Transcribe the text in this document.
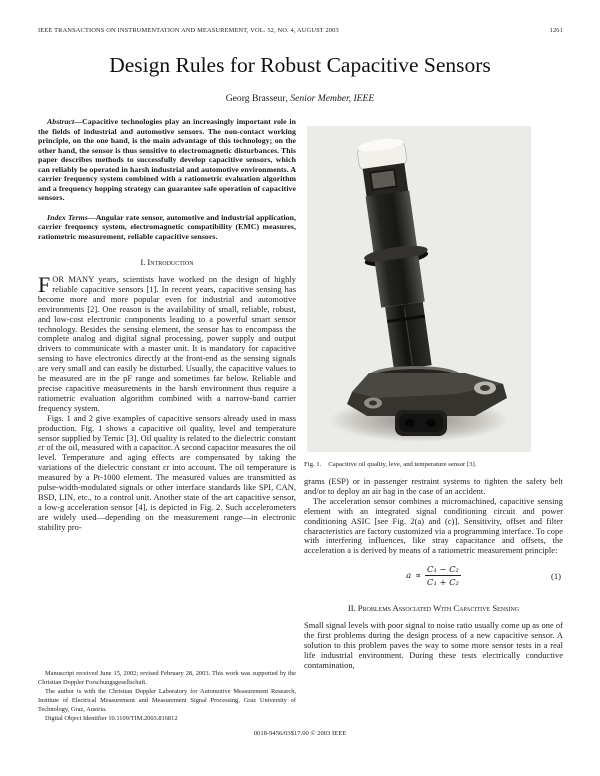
IEEE TRANSACTIONS ON INSTRUMENTATION AND MEASUREMENT, VOL. 52, NO. 4, AUGUST 2003	1261
Design Rules for Robust Capacitive Sensors
Georg Brasseur, Senior Member, IEEE

Abstract—Capacitive technologies play an increasingly important role in the fields of industrial and automotive sensors. The non-contact working principle, on the one hand, is the main advantage of this technology; on the other hand, the sensor is thus sensitive to electromagnetic disturbances. This paper describes methods to successfully develop capacitive sensors, which can reliably be operated in harsh industrial and automotive environments. A carrier frequency system combined with a ratiometric evaluation algorithm and a frequency hopping strategy can guarantee safe operation of capacitive sensors.

Index Terms—Angular rate sensor, automotive and industrial application, carrier frequency system, electromagnetic compatibility (EMC) measures, ratiometric measurement, reliable capacitive sensors.

I. Introduction

FOR MANY years, scientists have worked on the design of highly reliable capacitive sensors [1]. In recent years, capacitive sensing has become more and more popular even for industrial and automotive environments [2]. One reason is the availability of small, reliable, robust, and low-cost electronic components leading to a powerful smart sensor technology. Besides the sensing element, the sensor has to encompass the complete analog and digital signal processing, power supply and output drivers to communicate with a master unit. It is mandatory for capacitive sensing to have electronics directly at the front-end as the sensing signals are very small and can easily be disturbed. Usually, the capacitive values to be measured are in the pF range and sometimes far below. Reliable and precise capacitive measurements in the harsh environment thus require a ratiometric evaluation algorithm combined with a narrow-band carrier frequency system.

Figs. 1 and 2 give examples of capacitive sensors already used in mass production. Fig. 1 shows a capacitive oil quality, level and temperature sensor supplied by Temic [3]. Oil quality is related to the dielectric constant εr of the oil, measured with a capacitor. A second capacitor measures the oil level. Temperature and aging effects are compensated by taking the variations of the dielectric constant εr into account. The oil temperature is measured by a Pt-1000 element. The measured values are transmitted as pulse-width-modulated signals or other interface standards like SPI, CAN, BSD, LIN, etc., to a control unit. Another state of the art capacitive sensor, a low-g acceleration sensor [4], is depicted in Fig. 2. Such accelerometers are widely used—depending on the measurement range—in electronic stability pro-

Manuscript received June 15, 2002; revised February 28, 2003. This work was supported by the Christian Doppler Forschungsgesellschaft.

The author is with the Christian Doppler Laboratory for Automotive Measurement Research, Institute of Electrical Measurement and Measurement Signal Processing, Graz University of Technology, Graz, Austria.

Digital Object Identifier 10.1109/TIM.2003.816812

Fig. 1. Capacitive oil quality, leve, and temperature sensor [3].

grams (ESP) or in passenger restraint systems to tighten the safety belt and/or to deploy an air bag in the case of an accident.

The acceleration sensor combines a micromachined, capacitive sensing element with an integrated signal conditioning circuit and power conditioning ASIC [see Fig. 2(a) and (c)]. Sensitivity, offset and filter characteristics are factory customized via a programming interface. To cope with interfering influences, like stray capacitance and offsets, the acceleration a is derived by means of a ratiometric measurement principle:

$a \propto \frac{\text{C₁ − C₂}}{\text{C₁ + C₂}}$	(1)
II. Problems Associated With Capacitive Sensing

Small signal levels with poor signal to noise ratio usually come up as one of the first problems during the design process of a new capacitive sensor. A solution to this problem paves the way to some more sensor tests in a real life industrial environment. During these tests electrically conductive contamination,

0018-9456/03$17.00 © 2003 IEEE
